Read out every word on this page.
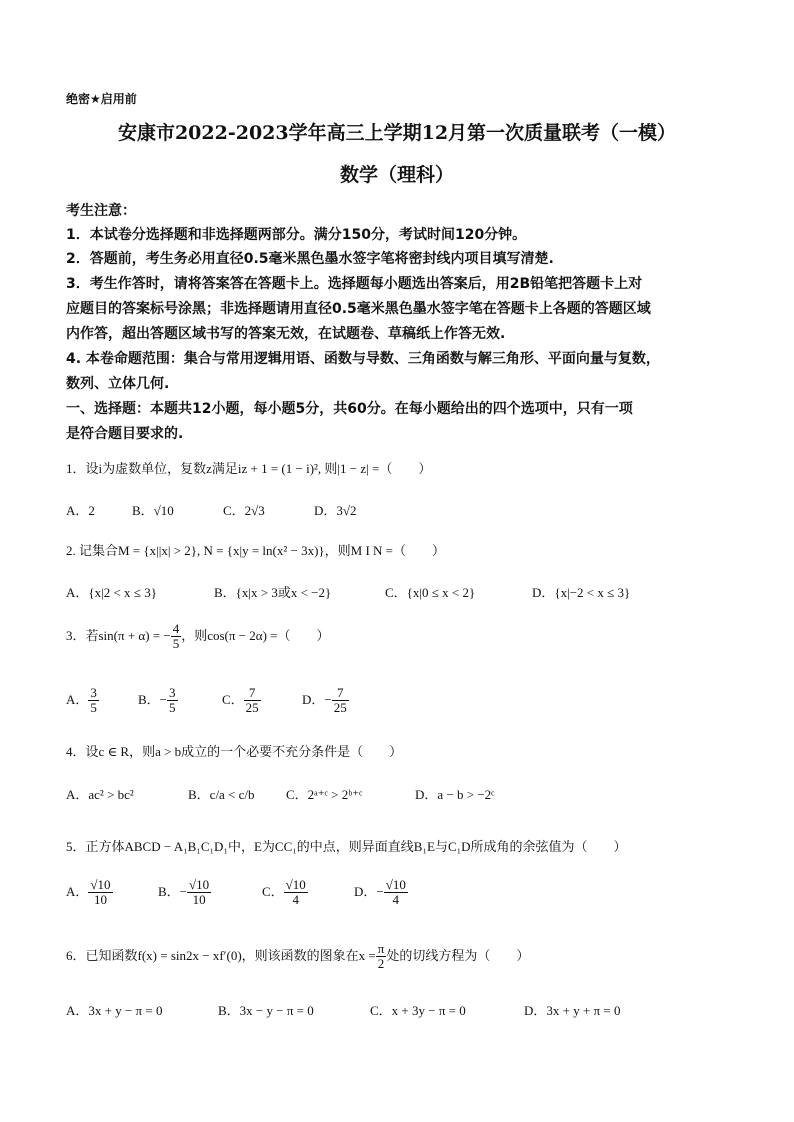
绝密★启用前
安康市2022-2023学年高三上学期12月第一次质量联考（一模）
数学（理科）
考生注意：
1．本试卷分选择题和非选择题两部分。满分150分，考试时间120分钟。
2．答题前，考生务必用直径0.5毫米黑色墨水签字笔将密封线内项目填写清楚.
3．考生作答时，请将答案答在答题卡上。选择题每小题选出答案后，用2B铅笔把答题卡上对
应题目的答案标号涂黑；非选择题请用直径0.5毫米黑色墨水签字笔在答题卡上各题的答题区域
内作答，超出答题区域书写的答案无效，在试题卷、草稿纸上作答无效.
4. 本卷命题范围：集合与常用逻辑用语、函数与导数、三角函数与解三角形、平面向量与复数，
数列、立体几何.
一、选择题：本题共12小题，每小题5分，共60分。在每小题给出的四个选项中，只有一项
是符合题目要求的.
1．设i为虚数单位，复数z满足iz + 1 = (1 − i)², 则|1 − z| =（　　）
A．2	B．√10	C．2√3	D．3√2
2. 记集合M = {x||x| > 2}, N = {x|y = ln(x² − 3x)}，则M I N =（　　）
A．{x|2 < x ≤ 3}	B．{x|x > 3或x < −2}	C．{x|0 ≤ x < 2}	D．{x|−2 < x ≤ 3}
3．若sin(π + α) = − $\frac{4}{5}$ ，则cos(π − 2α) =（　　）
A． $\frac{3}{5}$	B．− $\frac{3}{5}$	C． $\frac{7}{25}$	D．− $\frac{7}{25}$
4．设c ∈ R，则a > b成立的一个必要不充分条件是（　　）
A．ac² > bc²	B．c/a < c/b C．2ᵃ⁺ᶜ > 2ᵇ⁺ᶜ	D．a − b > −2ᶜ
5．正方体ABCD − A₁B₁C₁D₁中，E为CC₁的中点，则异面直线B₁E与C₁D所成角的余弦值为（　　）
A． $\frac{√10}{10}$	B．− $\frac{√10}{10}$	C． $\frac{√10}{4}$	D．− $\frac{√10}{4}$
6．已知函数f(x) = sin2x − xf′(0)，则该函数的图象在$x = \frac{\pi}{2}$ 处的切线方程为（　　）
A．3x + y − π = 0	B．3x − y − π = 0	C．x + 3y − π = 0	D．3x + y + π = 0
